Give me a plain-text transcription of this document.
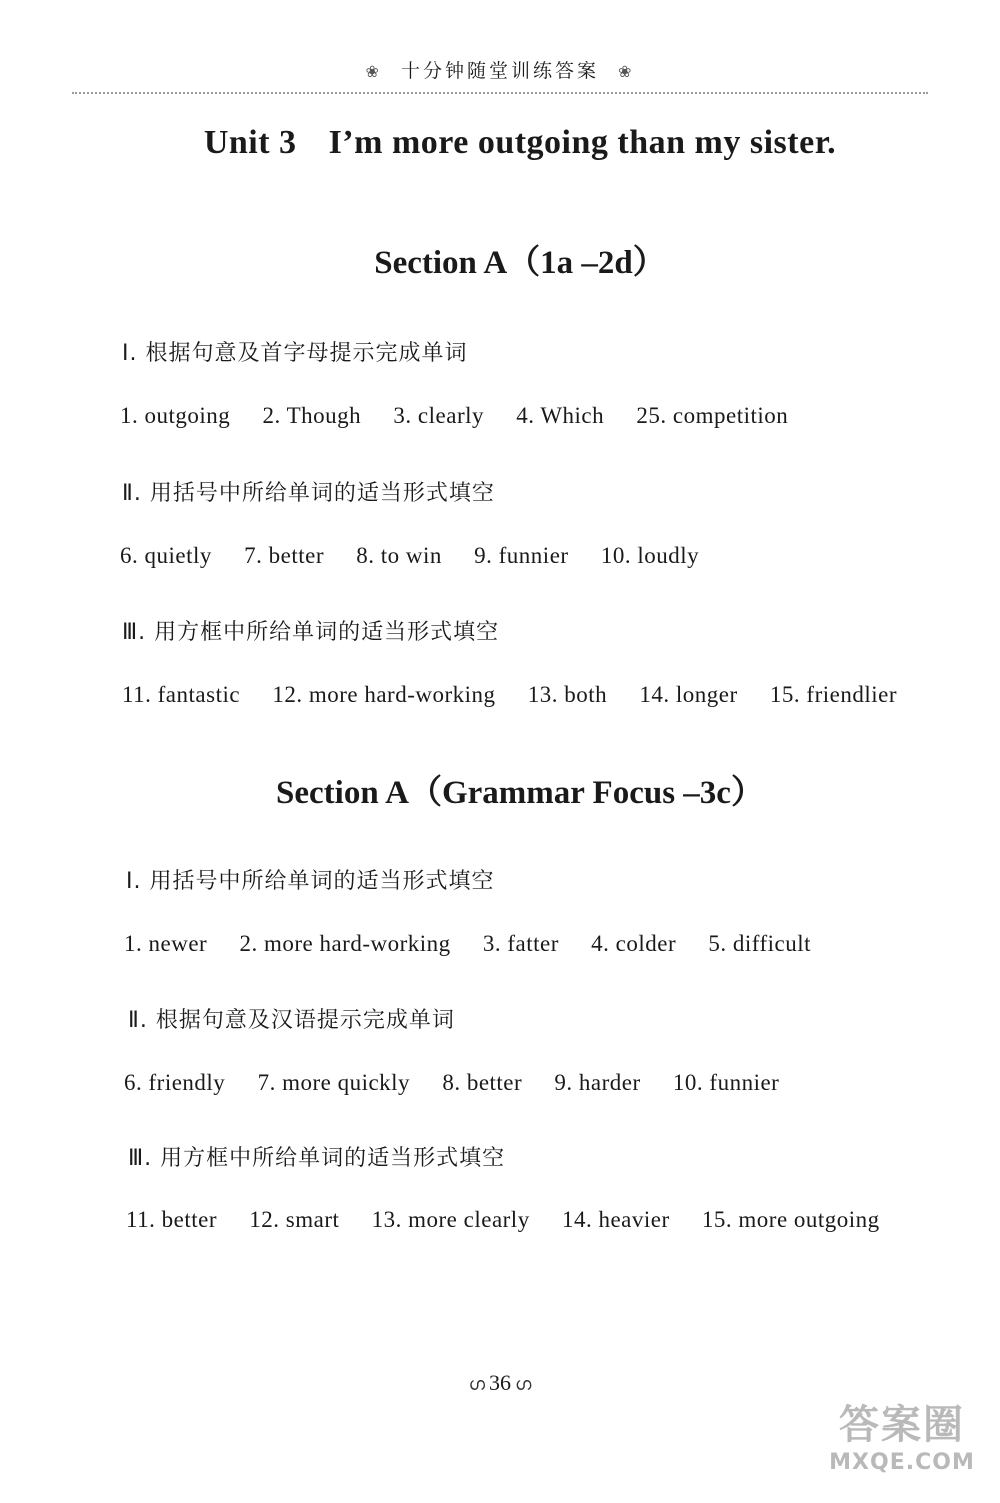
❀ 十分钟随堂训练答案 ❀
Unit 3 I’m more outgoing than my sister.
Section A（1a –2d）
Ⅰ. 根据句意及首字母提示完成单词
1. outgoing 2. Though 3. clearly 4. Which 25. competition
Ⅱ. 用括号中所给单词的适当形式填空
6. quietly 7. better 8. to win 9. funnier 10. loudly
Ⅲ. 用方框中所给单词的适当形式填空
11. fantastic 12. more hard-working 13. both 14. longer 15. friendlier
Section A（Grammar Focus –3c）
Ⅰ. 用括号中所给单词的适当形式填空
1. newer 2. more hard-working 3. fatter 4. colder 5. difficult
Ⅱ. 根据句意及汉语提示完成单词
6. friendly 7. more quickly 8. better 9. harder 10. funnier
Ⅲ. 用方框中所给单词的适当形式填空
11. better 12. smart 13. more clearly 14. heavier 15. more outgoing
ഗ 36 ഗ
答案圈
MXQE.COM
